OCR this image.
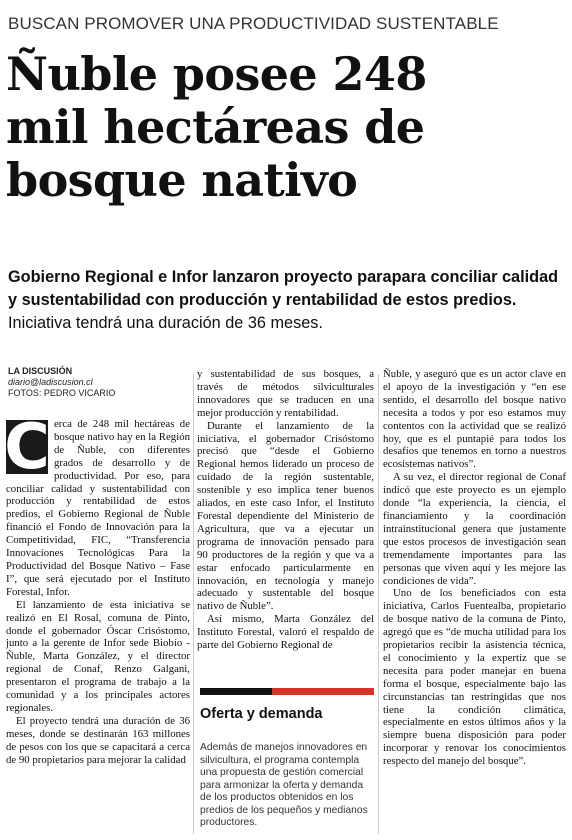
BUSCAN PROMOVER UNA PRODUCTIVIDAD SUSTENTABLE
Ñuble posee 248
mil hectáreas de
bosque nativo
Gobierno Regional e Infor lanzaron proyecto parapara conciliar calidad y sustentabilidad con producción y rentabilidad de estos predios. Iniciativa tendrá una duración de 36 meses.
LA DISCUSIÓN
diario@ladiscusion.cl
FOTOS: PEDRO VICARIO

C erca de 248 mil hectáreas de bosque nativo hay en la Región de Ñuble, con diferentes grados de desarrollo y de productividad. Por eso, para conciliar calidad y sustentabilidad con producción y rentabilidad de estos predios, el Gobierno Regional de Ñuble financió el Fondo de Innovación para la Competitividad, FIC, “Transferencia Innovaciones Tecnológicas Para la Productividad del Bosque Nativo – Fase I”, que será ejecutado por el Instituto Forestal, Infor.

El lanzamiento de esta iniciativa se realizó en El Rosal, comuna de Pinto, donde el gobernador Óscar Crisóstomo, junto a la gerente de Infor sede Biobío - Ñuble, Marta González, y el director regional de Conaf, Renzo Galgani, presentaron el programa de trabajo a la comunidad y a los principales actores regionales.

El proyecto tendrá una duración de 36 meses, donde se destinarán 163 millones de pesos con los que se capacitará a cerca de 90 propietarios para mejorar la calidad

y sustentabilidad de sus bosques, a través de métodos silviculturales innovadores que se traducen en una mejor producción y rentabilidad.

Durante el lanzamiento de la iniciativa, el gobernador Crisóstomo precisó que “desde el Gobierno Regional hemos liderado un proceso de cuidado de la región sustentable, sostenible y eso implica tener buenos aliados, en este caso Infor, el Instituto Forestal dependiente del Ministerio de Agricultura, que va a ejecutar un programa de innovación pensado para 90 productores de la región y que va a estar enfocado particularmente en innovación, en tecnología y manejo adecuado y sustentable del bosque nativo de Ñuble”.

Así mismo, Marta González del Instituto Forestal, valoró el respaldo de parte del Gobierno Regional de

Ñuble, y aseguró que es un actor clave en el apoyo de la investigación y “en ese sentido, el desarrollo del bosque nativo necesita a todos y por eso estamos muy contentos con la actividad que se realizó hoy, que es el puntapié para todos los desafíos que tenemos en torno a nuestros ecosistemas nativos”.

A su vez, el director regional de Conaf indicó que este proyecto es un ejemplo donde “la experiencia, la ciencia, el financiamiento y la coordinación intrainstitucional genera que justamente que estos procesos de investigación sean tremendamente importantes para las personas que viven aquí y les mejore las condiciones de vida”.

Uno de los beneficiados con esta iniciativa, Carlos Fuentealba, propietario de bosque nativo de la comuna de Pinto, agregó que es “de mucha utilidad para los propietarios recibir la asistencia técnica, el conocimiento y la expertiz que se necesita para poder manejar en buena forma el bosque, especialmente bajo las circunstancias tan restringidas que nos tiene la condición climática, especialmente en estos últimos años y la siempre buena disposición para poder incorporar y renovar los conocimientos respecto del manejo del bosque”.

Oferta y demanda
Además de manejos innovadores en silvicultura, el programa contempla una propuesta de gestión comercial para armonizar la oferta y demanda de los productos obtenidos en los predios de los pequeños y medianos productores.
